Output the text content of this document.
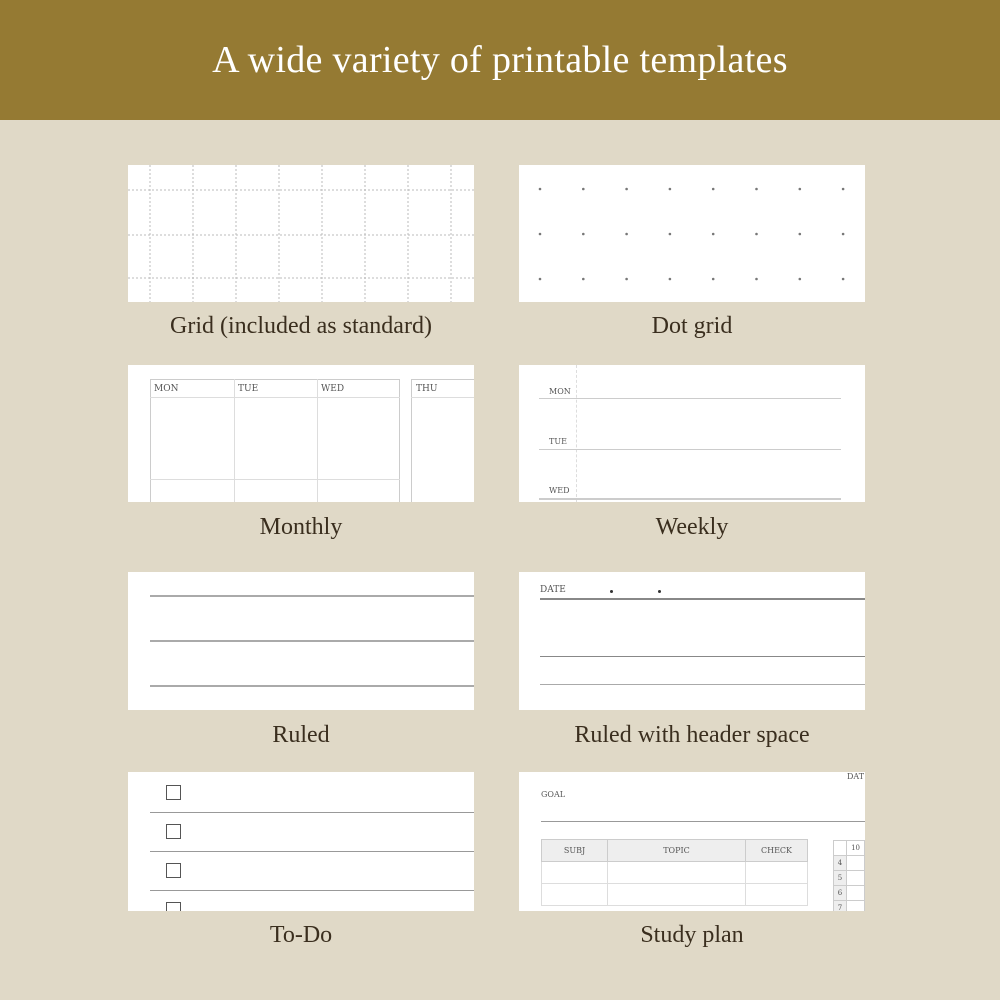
A wide variety of printable templates
Grid (included as standard)	Dot grid
MON	TUE	WED	THU
Monthly
MON
TUE
WED
Weekly
Ruled
DATE
Ruled with header space
To-Do
GOAL
DAT
SUBJ	TOPIC	CHECK

		10
4	
5	
6	
7	
Study plan
